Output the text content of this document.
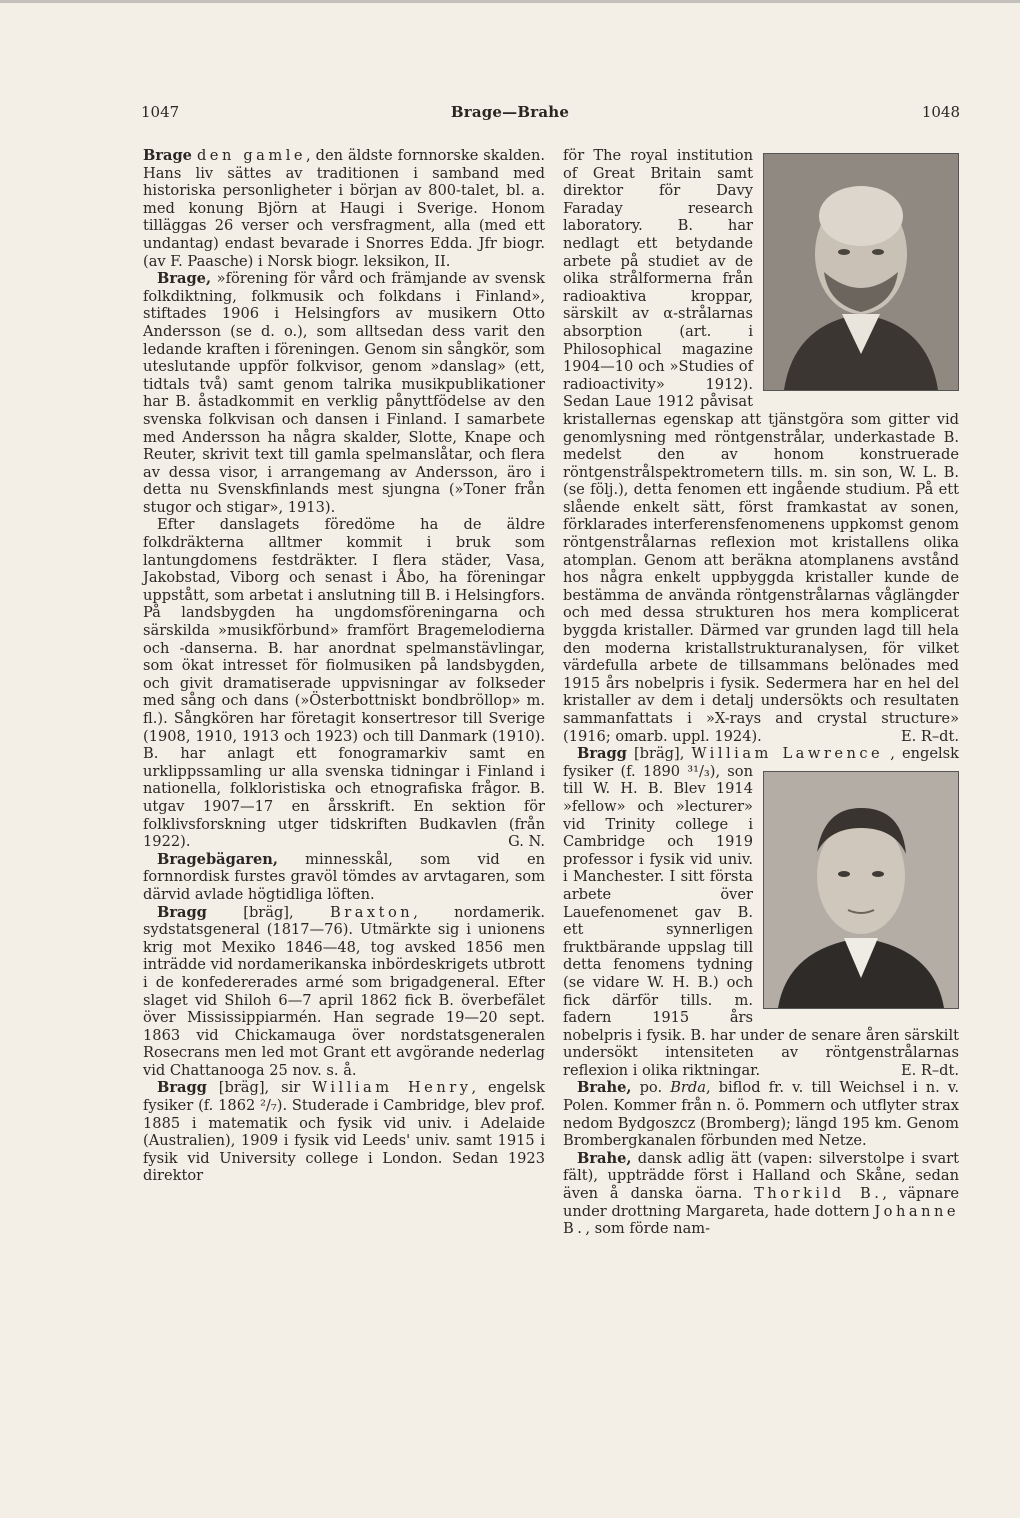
1047	Brage—Brahe	1048

Brage den gamle, den äldste fornnorske skalden. Hans liv sättes av traditionen i samband med historiska personligheter i början av 800-talet, bl. a. med konung Björn at Haugi i Sverige. Honom tilläggas 26 verser och versfragment, alla (med ett undantag) endast bevarade i Snorres Edda. Jfr biogr. (av F. Paasche) i Norsk biogr. leksikon, II.

Brage, »förening för vård och främjande av svensk folkdiktning, folkmusik och folkdans i Finland», stiftades 1906 i Helsingfors av musikern Otto Andersson (se d. o.), som alltsedan dess varit den ledande kraften i föreningen. Genom sin sångkör, som uteslutande uppför folkvisor, genom »danslag» (ett, tidtals två) samt genom talrika musikpublikationer har B. åstadkommit en verklig pånyttfödelse av den svenska folkvisan och dansen i Finland. I samarbete med Andersson ha några skalder, Slotte, Knape och Reuter, skrivit text till gamla spelmanslåtar, och flera av dessa visor, i arrangemang av Andersson, äro i detta nu Svenskfinlands mest sjungna (»Toner från stugor och stigar», 1913).

Efter danslagets föredöme ha de äldre folkdräkterna alltmer kommit i bruk som lantungdomens festdräkter. I flera städer, Vasa, Jakobstad, Viborg och senast i Åbo, ha föreningar uppstått, som arbetat i anslutning till B. i Helsingfors. På landsbygden ha ungdomsföreningarna och särskilda »musikförbund» framfört Bragemelodierna och -danserna. B. har anordnat spelmanstävlingar, som ökat intresset för fiolmusiken på landsbygden, och givit dramatiserade uppvisningar av folkseder med sång och dans (»Österbottniskt bondbröllop» m. fl.). Sångkören har företagit konsertresor till Sverige (1908, 1910, 1913 och 1923) och till Danmark (1910). B. har anlagt ett fonogramarkiv samt en urklippssamling ur alla svenska tidningar i Finland i nationella, folkloristiska och etnografiska frågor. B. utgav 1907—17 en årsskrift. En sektion för folklivsforskning utger tidskriften Budkavlen (från 1922).	G. N.

Bragebägaren, minnesskål, som vid en fornnordisk furstes gravöl tömdes av arvtagaren, som därvid avlade högtidliga löften.

Bragg [bräg], Braxton, nordamerik. sydstatsgeneral (1817—76). Utmärkte sig i unionens krig mot Mexiko 1846—48, tog avsked 1856 men inträdde vid nordamerikanska inbördeskrigets utbrott i de konfedererades armé som brigadgeneral. Efter slaget vid Shiloh 6—7 april 1862 fick B. överbefälet över Mississippiarmén. Han segrade 19—20 sept. 1863 vid Chickamauga över nordstatsgeneralen Rosecrans men led mot Grant ett avgörande nederlag vid Chattanooga 25 nov. s. å.

Bragg [bräg], sir William Henry, engelsk fysiker (f. 1862 ²/₇). Studerade i Cambridge, blev prof. 1885 i matematik och fysik vid univ. i Adelaide (Australien), 1909 i fysik vid Leeds' univ. samt 1915 i fysik vid University college i London. Sedan 1923 direktor

för The royal institution of Great Britain samt direktor för Davy Faraday research laboratory. B. har nedlagt ett betydande arbete på studiet av de olika strålformerna från radioaktiva kroppar, särskilt av α-strålarnas absorption (art. i Philosophical magazine 1904—10 och »Studies of radioactivity» 1912). Sedan Laue 1912 påvisat kristallernas egenskap att tjänstgöra som gitter vid genomlysning med röntgenstrålar, underkastade B. medelst den av honom konstruerade röntgenstrålspektrometern tills. m. sin son, W. L. B. (se följ.), detta fenomen ett ingående studium. På ett slående enkelt sätt, först framkastat av sonen, förklarades interferensfenomenens uppkomst genom röntgenstrålarnas reflexion mot kristallens olika atomplan. Genom att beräkna atomplanens avstånd hos några enkelt uppbyggda kristaller kunde de bestämma de använda röntgenstrålarnas våglängder och med dessa strukturen hos mera komplicerat byggda kristaller. Därmed var grunden lagd till hela den moderna kristallstrukturanalysen, för vilket värdefulla arbete de tillsammans belönades med 1915 års nobelpris i fysik. Sedermera har en hel del kristaller av dem i detalj undersökts och resultaten sammanfattats i »X-rays and crystal structure» (1916; omarb. uppl. 1924).	E. R–dt.

Bragg [bräg], William Lawrence , engelsk fysiker (f. 1890 ³¹/₃), son till W. H. B. Blev 1914 »fellow» och »lecturer» vid Trinity college i Cambridge och 1919 professor i fysik vid univ. i Manchester. I sitt första arbete över Lauefenomenet gav B. ett synnerligen fruktbärande uppslag till detta fenomens tydning (se vidare W. H. B.) och fick därför tills. m. fadern 1915 års nobelpris i fysik. B. har under de senare åren särskilt undersökt intensiteten av röntgenstrålarnas reflexion i olika riktningar.	E. R–dt.

Brahe, po. Brda, biflod fr. v. till Weichsel i n. v. Polen. Kommer från n. ö. Pommern och utflyter strax nedom Bydgoszcz (Bromberg); längd 195 km. Genom Brombergkanalen förbunden med Netze.

Brahe, dansk adlig ätt (vapen: silverstolpe i svart fält), uppträdde först i Halland och Skåne, sedan även å danska öarna. Thorkild B., väpnare under drottning Margareta, hade dottern Johanne B., som förde nam-
